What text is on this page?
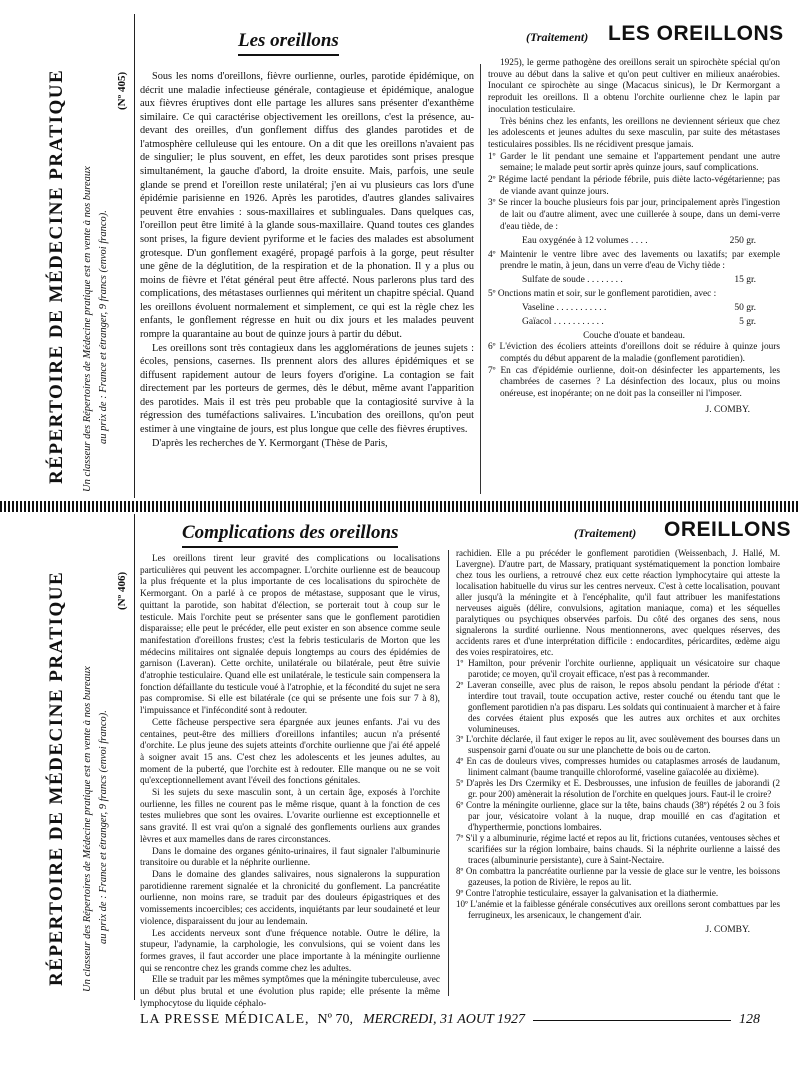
RÉPERTOIRE DE MÉDECINE PRATIQUE Un classeur des Répertoires de Médecine pratique est en vente à nos bureaux au prix de : France et étranger, 9 francs (envoi franco).
(Nº 405)
Les oreillons	(Traitement) LES OREILLONS

Sous les noms d'oreillons, fièvre ourlienne, ourles, parotide épidémique, on décrit une maladie infectieuse générale, contagieuse et épidémique, analogue aux fièvres éruptives dont elle partage les allures sans présenter d'exanthème similaire. Ce qui caractérise objectivement les oreillons, c'est la présence, au-devant des oreilles, d'un gonflement diffus des glandes parotides et de l'atmosphère celluleuse qui les entoure. On a dit que les oreillons n'avaient pas de singulier; le plus souvent, en effet, les deux parotides sont prises presque simultanément, la gauche d'abord, la droite ensuite. Mais, parfois, une seule glande se prend et l'oreillon reste unilatéral; j'en ai vu plusieurs cas lors d'une épidémie parisienne en 1926. Après les parotides, d'autres glandes salivaires peuvent être envahies : sous-maxillaires et sublinguales. Dans quelques cas, l'oreillon peut être limité à la glande sous-maxillaire. Quand toutes ces glandes sont prises, la figure devient pyriforme et le facies des malades est absolument grotesque. D'un gonflement exagéré, propagé parfois à la gorge, peut résulter une gêne de la déglutition, de la respiration et de la phonation. Il y a plus ou moins de fièvre et l'état général peut être affecté. Nous parlerons plus tard des complications, des métastases ourliennes qui méritent un chapitre spécial. Quand les oreillons évoluent normalement et simplement, ce qui est la règle chez les enfants, le gonflement régresse en huit ou dix jours et les malades peuvent rompre la quarantaine au bout de quinze jours à partir du début.

Les oreillons sont très contagieux dans les agglomérations de jeunes sujets : écoles, pensions, casernes. Ils prennent alors des allures épidémiques et se diffusent rapidement autour de leurs foyers d'origine. La contagion se fait directement par les porteurs de germes, dès le début, même avant l'apparition des parotides. Mais il est très peu probable que la contagiosité survive à la régression des tuméfactions salivaires. L'incubation des oreillons, qu'on peut estimer à une vingtaine de jours, est plus longue que celle des fièvres éruptives.

D'après les recherches de Y. Kermorgant (Thèse de Paris,

1925), le germe pathogène des oreillons serait un spirochète spécial qu'on trouve au début dans la salive et qu'on peut cultiver en milieux anaérobies. Inoculant ce spirochète au singe (Macacus sinicus), le Dr Kermorgant a reproduit les oreillons. Il a obtenu l'orchite ourlienne chez le lapin par inoculation testiculaire.

Très bénins chez les enfants, les oreillons ne deviennent sérieux que chez les adolescents et jeunes adultes du sexe masculin, par suite des métastases testiculaires possibles. Ils ne récidivent presque jamais.

1º Garder le lit pendant une semaine et l'appartement pendant une autre semaine; le malade peut sortir après quinze jours, sauf complications.

2º Régime lacté pendant la période fébrile, puis diète lacto-végétarienne; pas de viande avant quinze jours.

3º Se rincer la bouche plusieurs fois par jour, principalement après l'ingestion de lait ou d'autre aliment, avec une cuillerée à soupe, dans un demi-verre d'eau tiède, de :

Eau oxygénée à 12 volumes . . . .	250 gr.

4º Maintenir le ventre libre avec des lavements ou laxatifs; par exemple prendre le matin, à jeun, dans un verre d'eau de Vichy tiède :

Sulfate de soude . . . . . . . .	15 gr.

5º Onctions matin et soir, sur le gonflement parotidien, avec :

Vaseline . . . . . . . . . . .	50 gr.
Gaïacol . . . . . . . . . . .	5 gr.

Couche d'ouate et bandeau.

6º L'éviction des écoliers atteints d'oreillons doit se réduire à quinze jours comptés du début apparent de la maladie (gonflement parotidien).

7º En cas d'épidémie ourlienne, doit-on désinfecter les appartements, les chambrées de casernes ? La désinfection des locaux, plus ou moins onéreuse, est inopérante; on ne doit pas la conseiller ni l'imposer.

J. COMBY.
RÉPERTOIRE DE MÉDECINE PRATIQUE Un classeur des Répertoires de Médecine pratique est en vente à nos bureaux au prix de : France et étranger, 9 francs (envoi franco).
(Nº 406)
Complications des oreillons	(Traitement) OREILLONS

Les oreillons tirent leur gravité des complications ou localisations particulières qui peuvent les accompagner. L'orchite ourlienne est de beaucoup la plus fréquente et la plus importante de ces localisations du spirochète de Kermorgant. On a parlé à ce propos de métastase, supposant que le virus, quittant la parotide, son habitat d'élection, se porterait tout à coup sur le testicule. Mais l'orchite peut se présenter sans que le gonflement parotidien disparaisse; elle peut le précéder, elle peut exister en son absence comme seule manifestation d'oreillons frustes; c'est la febris testicularis de Morton que les médecins militaires ont signalée depuis longtemps au cours des épidémies de garnison (Laveran). Cette orchite, unilatérale ou bilatérale, peut être suivie d'atrophie testiculaire. Quand elle est unilatérale, le testicule sain compensera la fonction défaillante du testicule voué à l'atrophie, et la fécondité du sujet ne sera pas compromise. Si elle est bilatérale (ce qui se présente une fois sur 7 à 8), l'impuissance et l'infécondité sont à redouter.

Cette fâcheuse perspective sera épargnée aux jeunes enfants. J'ai vu des centaines, peut-être des milliers d'oreillons infantiles; aucun n'a présenté d'orchite. Le plus jeune des sujets atteints d'orchite ourlienne que j'ai été appelé à soigner avait 15 ans. C'est chez les adolescents et les jeunes adultes, au moment de la puberté, que l'orchite est à redouter. Elle manque ou ne se voit qu'exceptionnellement avant l'éveil des fonctions génitales.

Si les sujets du sexe masculin sont, à un certain âge, exposés à l'orchite ourlienne, les filles ne courent pas le même risque, quant à la fonction de ces testes muliebres que sont les ovaires. L'ovarite ourlienne est exceptionnelle et sans gravité. Il est vrai qu'on a signalé des gonflements ourliens aux grandes lèvres et aux mamelles dans de rares circonstances.

Dans le domaine des organes génito-urinaires, il faut signaler l'albuminurie transitoire ou durable et la néphrite ourlienne.

Dans le domaine des glandes salivaires, nous signalerons la suppuration parotidienne rarement signalée et la chronicité du gonflement. La pancréatite ourlienne, non moins rare, se traduit par des douleurs épigastriques et des vomissements incoercibles; ces accidents, inquiétants par leur soudaineté et leur violence, disparaissent du jour au lendemain.

Les accidents nerveux sont d'une fréquence notable. Outre le délire, la stupeur, l'adynamie, la carphologie, les convulsions, qui se voient dans les formes graves, il faut accorder une place importante à la méningite ourlienne qui se rencontre chez les grands comme chez les adultes.

Elle se traduit par les mêmes symptômes que la méningite tuberculeuse, avec un début plus brutal et une évolution plus rapide; elle présente la même lymphocytose du liquide céphalo-

rachidien. Elle a pu précéder le gonflement parotidien (Weissenbach, J. Hallé, M. Lavergne). D'autre part, de Massary, pratiquant systématiquement la ponction lombaire chez tous les ourliens, a retrouvé chez eux cette réaction lymphocytaire qui atteste la localisation habituelle du virus sur les centres nerveux. C'est à cette localisation, pouvant aller jusqu'à la méningite et à l'encéphalite, qu'il faut attribuer les manifestations nerveuses aiguës (délire, convulsions, agitation maniaque, coma) et les séquelles paralytiques ou psychiques observées parfois. Du côté des organes des sens, nous signalerons la surdité ourlienne. Nous mentionnerons, avec quelques réserves, des accidents rares et d'une interprétation difficile : endocardites, péricardites, œdème aigu des voies respiratoires, etc.

1º Hamilton, pour prévenir l'orchite ourlienne, appliquait un vésicatoire sur chaque parotide; ce moyen, qu'il croyait efficace, n'est pas à recommander.

2º Laveran conseille, avec plus de raison, le repos absolu pendant la période d'état : interdire tout travail, toute occupation active, rester couché ou étendu tant que le gonflement parotidien n'a pas disparu. Les soldats qui continuaient à marcher et à faire des corvées étaient plus exposés que les autres aux orchites et aux orchites volumineuses.

3º L'orchite déclarée, il faut exiger le repos au lit, avec soulèvement des bourses dans un suspensoir garni d'ouate ou sur une planchette de bois ou de carton.

4º En cas de douleurs vives, compresses humides ou cataplasmes arrosés de laudanum, liniment calmant (baume tranquille chloroformé, vaseline gaïacolée au dixième).

5º D'après les Drs Czermiky et E. Desbrousses, une infusion de feuilles de jaborandi (2 gr. pour 200) amènerait la résolution de l'orchite en quelques jours. Faut-il le croire?

6º Contre la méningite ourlienne, glace sur la tête, bains chauds (38º) répétés 2 ou 3 fois par jour, vésicatoire volant à la nuque, drap mouillé en cas d'agitation et d'hyperthermie, ponctions lombaires.

7º S'il y a albuminurie, régime lacté et repos au lit, frictions cutanées, ventouses sèches et scarifiées sur la région lombaire, bains chauds. Si la néphrite ourlienne a laissé des traces (albuminurie persistante), cure à Saint-Nectaire.

8º On combattra la pancréatite ourlienne par la vessie de glace sur le ventre, les boissons gazeuses, la potion de Rivière, le repos au lit.

9º Contre l'atrophie testiculaire, essayer la galvanisation et la diathermie.

10º L'anémie et la faiblesse générale consécutives aux oreillons seront combattues par les ferrugineux, les arsenicaux, le changement d'air.

J. COMBY.
LA PRESSE MÉDICALE, Nº 70, MERCREDI, 31 AOUT 1927	128
